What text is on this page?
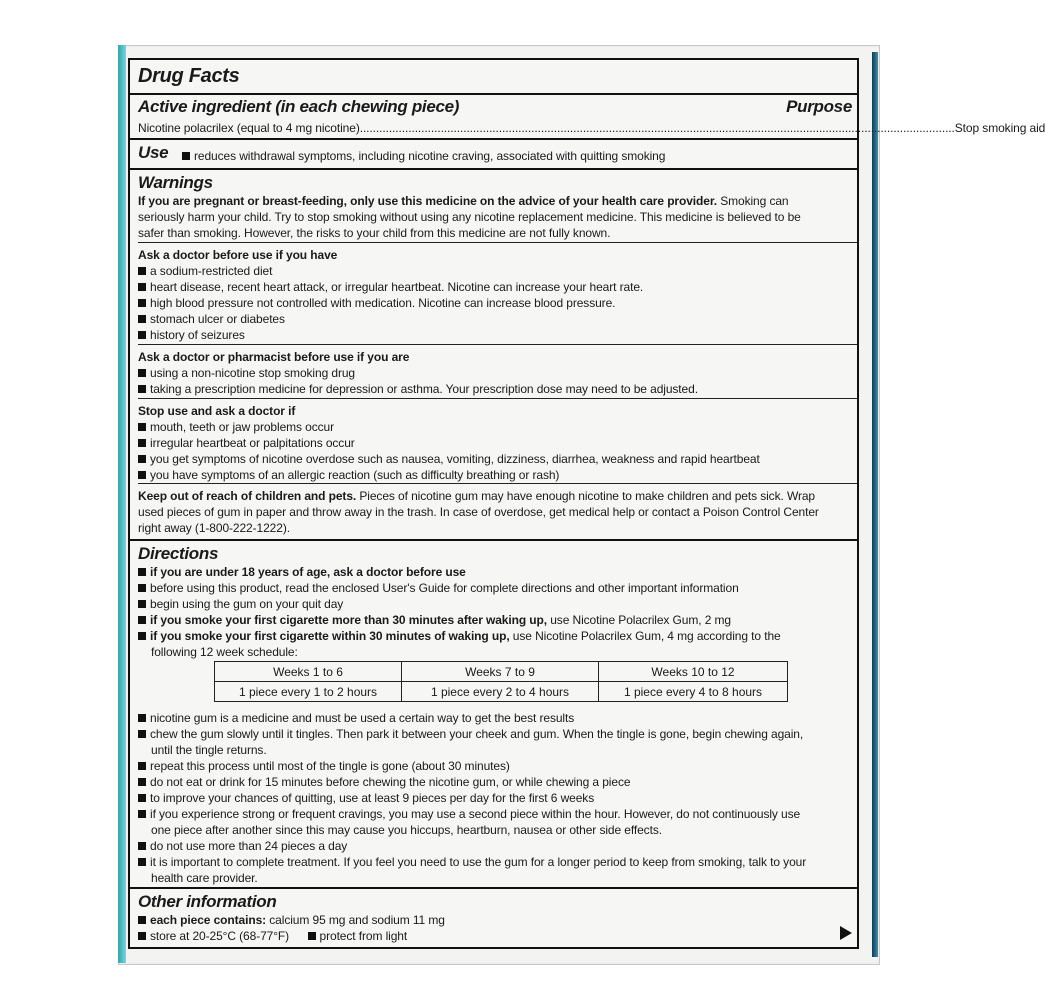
Drug Facts
Active ingredient (in each chewing piece)	Purpose
Nicotine polacrilex (equal to 4 mg nicotine) ........................................................................................................................................................................................ Stop smoking aid
Use	reduces withdrawal symptoms, including nicotine craving, associated with quitting smoking
Warnings
If you are pregnant or breast-feeding, only use this medicine on the advice of your health care provider. Smoking can
seriously harm your child. Try to stop smoking without using any nicotine replacement medicine. This medicine is believed to be
safer than smoking. However, the risks to your child from this medicine are not fully known.
Ask a doctor before use if you have
a sodium-restricted diet
heart disease, recent heart attack, or irregular heartbeat. Nicotine can increase your heart rate.
high blood pressure not controlled with medication. Nicotine can increase blood pressure.
stomach ulcer or diabetes
history of seizures
Ask a doctor or pharmacist before use if you are
using a non-nicotine stop smoking drug
taking a prescription medicine for depression or asthma. Your prescription dose may need to be adjusted.
Stop use and ask a doctor if
mouth, teeth or jaw problems occur
irregular heartbeat or palpitations occur
you get symptoms of nicotine overdose such as nausea, vomiting, dizziness, diarrhea, weakness and rapid heartbeat
you have symptoms of an allergic reaction (such as difficulty breathing or rash)
Keep out of reach of children and pets. Pieces of nicotine gum may have enough nicotine to make children and pets sick. Wrap
used pieces of gum in paper and throw away in the trash. In case of overdose, get medical help or contact a Poison Control Center
right away (1-800-222-1222).
Directions
if you are under 18 years of age, ask a doctor before use
before using this product, read the enclosed User's Guide for complete directions and other important information
begin using the gum on your quit day
if you smoke your first cigarette more than 30 minutes after waking up, use Nicotine Polacrilex Gum, 2 mg
if you smoke your first cigarette within 30 minutes of waking up, use Nicotine Polacrilex Gum, 4 mg according to the
following 12 week schedule:
Weeks 1 to 6	Weeks 7 to 9	Weeks 10 to 12
1 piece every 1 to 2 hours	1 piece every 2 to 4 hours	1 piece every 4 to 8 hours
nicotine gum is a medicine and must be used a certain way to get the best results
chew the gum slowly until it tingles. Then park it between your cheek and gum. When the tingle is gone, begin chewing again,
until the tingle returns.
repeat this process until most of the tingle is gone (about 30 minutes)
do not eat or drink for 15 minutes before chewing the nicotine gum, or while chewing a piece
to improve your chances of quitting, use at least 9 pieces per day for the first 6 weeks
if you experience strong or frequent cravings, you may use a second piece within the hour. However, do not continuously use
one piece after another since this may cause you hiccups, heartburn, nausea or other side effects.
do not use more than 24 pieces a day
it is important to complete treatment. If you feel you need to use the gum for a longer period to keep from smoking, talk to your
health care provider.
Other information
each piece contains: calcium 95 mg and sodium 11 mg
store at 20-25°C (68-77°F)	protect from light
